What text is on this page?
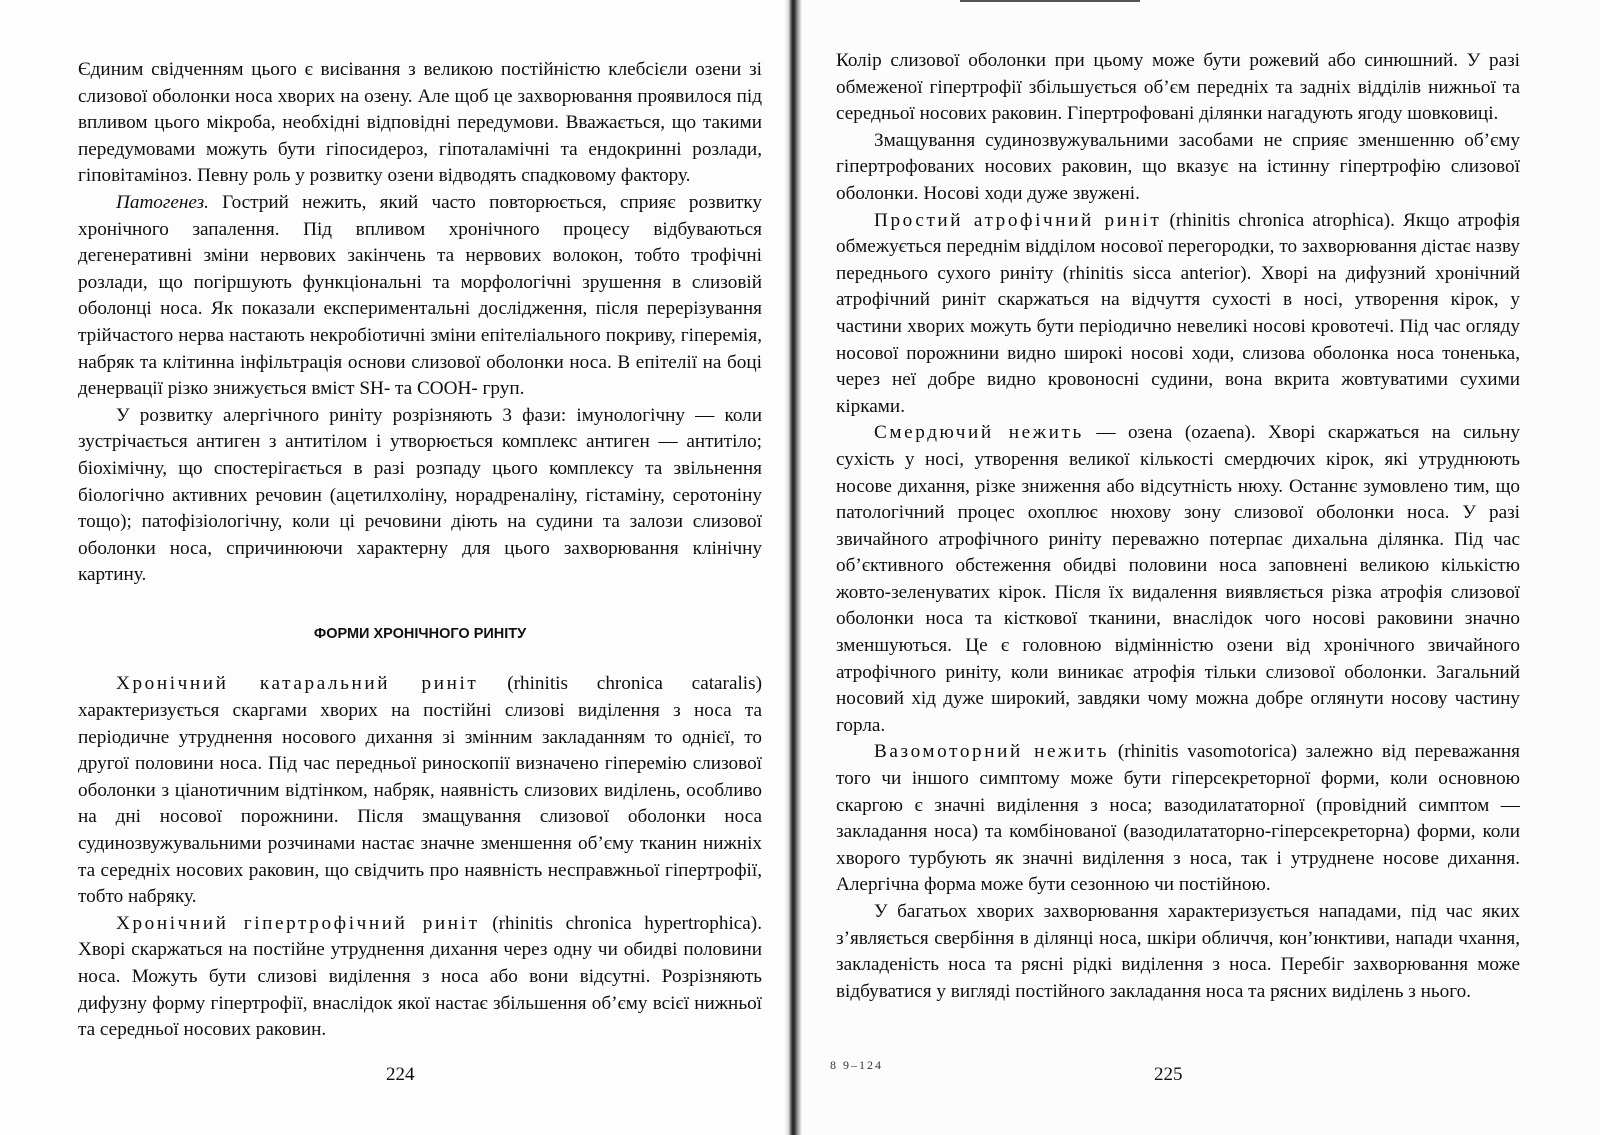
Єдиним свідченням цього є висівання з великою постійністю клебсієли озени зі слизової оболонки носа хворих на озену. Але щоб це захворювання проявилося під впливом цього мікроба, необхідні відповідні передумови. Вважається, що такими передумовами можуть бути гіпосидероз, гіпоталамічні та ендокринні розлади, гіповітаміноз. Певну роль у розвитку озени відводять спадковому фактору.

Патогенез. Гострий нежить, який часто повторюється, сприяє розвитку хронічного запалення. Під впливом хронічного процесу відбуваються дегенеративні зміни нервових закінчень та нервових волокон, тобто трофічні розлади, що погіршують функціональні та морфологічні зрушення в слизовій оболонці носа. Як показали експериментальні дослідження, після перерізування трійчастого нерва настають некробіотичні зміни епітеліального покриву, гіперемія, набряк та клітинна інфільтрація основи слизової оболонки носа. В епітелії на боці денервації різко знижується вміст SH- та СООН- груп.

У розвитку алергічного риніту розрізняють 3 фази: імунологічну — коли зустрічається антиген з антитілом і утворюється комплекс антиген — антитіло; біохімічну, що спостерігається в разі розпаду цього комплексу та звільнення біологічно активних речовин (ацетилхоліну, норадреналіну, гістаміну, серотоніну тощо); патофізіологічну, коли ці речовини діють на судини та залози слизової оболонки носа, спричинюючи характерну для цього захворювання клінічну картину.

ФОРМИ ХРОНІЧНОГО РИНІТУ

Хронічний катаральний риніт (rhinitis chronica cataralis) характеризується скаргами хворих на постійні слизові виділення з носа та періодичне утруднення носового дихання зі змінним закладанням то однієї, то другої половини носа. Під час передньої риноскопії визначено гіперемію слизової оболонки з ціанотичним відтінком, набряк, наявність слизових виділень, особливо на дні носової порожнини. Після змащування слизової оболонки носа судинозвужувальними розчинами настає значне зменшення об’єму тканин нижніх та середніх носових раковин, що свідчить про наявність несправжньої гіпертрофії, тобто набряку.

Хронічний гіпертрофічний риніт (rhinitis chronica hypertrophica). Хворі скаржаться на постійне утруднення дихання через одну чи обидві половини носа. Можуть бути слизові виділення з носа або вони відсутні. Розрізняють дифузну форму гіпертрофії, внаслідок якої настає збільшення об’єму всієї нижньої та середньої носових раковин.

224

Колір слизової оболонки при цьому може бути рожевий або синюшний. У разі обмеженої гіпертрофії збільшується об’єм передніх та задніх відділів нижньої та середньої носових раковин. Гіпертрофовані ділянки нагадують ягоду шовковиці.

Змащування судинозвужувальними засобами не сприяє зменшенню об’єму гіпертрофованих носових раковин, що вказує на істинну гіпертрофію слизової оболонки. Носові ходи дуже звужені.

Простий атрофічний риніт (rhinitis chronica atrophica). Якщо атрофія обмежується переднім відділом носової перегородки, то захворювання дістає назву переднього сухого риніту (rhinitis sicca anterior). Хворі на дифузний хронічний атрофічний риніт скаржаться на відчуття сухості в носі, утворення кірок, у частини хворих можуть бути періодично невеликі носові кровотечі. Під час огляду носової порожнини видно широкі носові ходи, слизова оболонка носа тоненька, через неї добре видно кровоносні судини, вона вкрита жовтуватими сухими кірками.

Смердючий нежить — озена (ozaena). Хворі скаржаться на сильну сухість у носі, утворення великої кількості смердючих кірок, які утруднюють носове дихання, різке зниження або відсутність нюху. Останнє зумовлено тим, що патологічний процес охоплює нюхову зону слизової оболонки носа. У разі звичайного атрофічного риніту переважно потерпає дихальна ділянка. Під час об’єктивного обстеження обидві половини носа заповнені великою кількістю жовто-зеленуватих кірок. Після їх видалення виявляється різка атрофія слизової оболонки носа та кісткової тканини, внаслідок чого носові раковини значно зменшуються. Це є головною відмінністю озени від хронічного звичайного атрофічного риніту, коли виникає атрофія тільки слизової оболонки. Загальний носовий хід дуже широкий, завдяки чому можна добре оглянути носову частину горла.

Вазомоторний нежить (rhinitis vasomotorica) залежно від переважання того чи іншого симптому може бути гіперсекреторної форми, коли основною скаргою є значні виділення з носа; вазодилататорної (провідний симптом — закладання носа) та комбінованої (вазодилататорно-гіперсекреторна) форми, коли хворого турбують як значні виділення з носа, так і утруднене носове дихання. Алергічна форма може бути сезонною чи постійною.

У багатьох хворих захворювання характеризується нападами, під час яких з’являється свербіння в ділянці носа, шкіри обличчя, кон’юнктиви, напади чхання, закладеність носа та рясні рідкі виділення з носа. Перебіг захворювання може відбуватися у вигляді постійного закладання носа та рясних виділень з нього.

8 9–124	225
